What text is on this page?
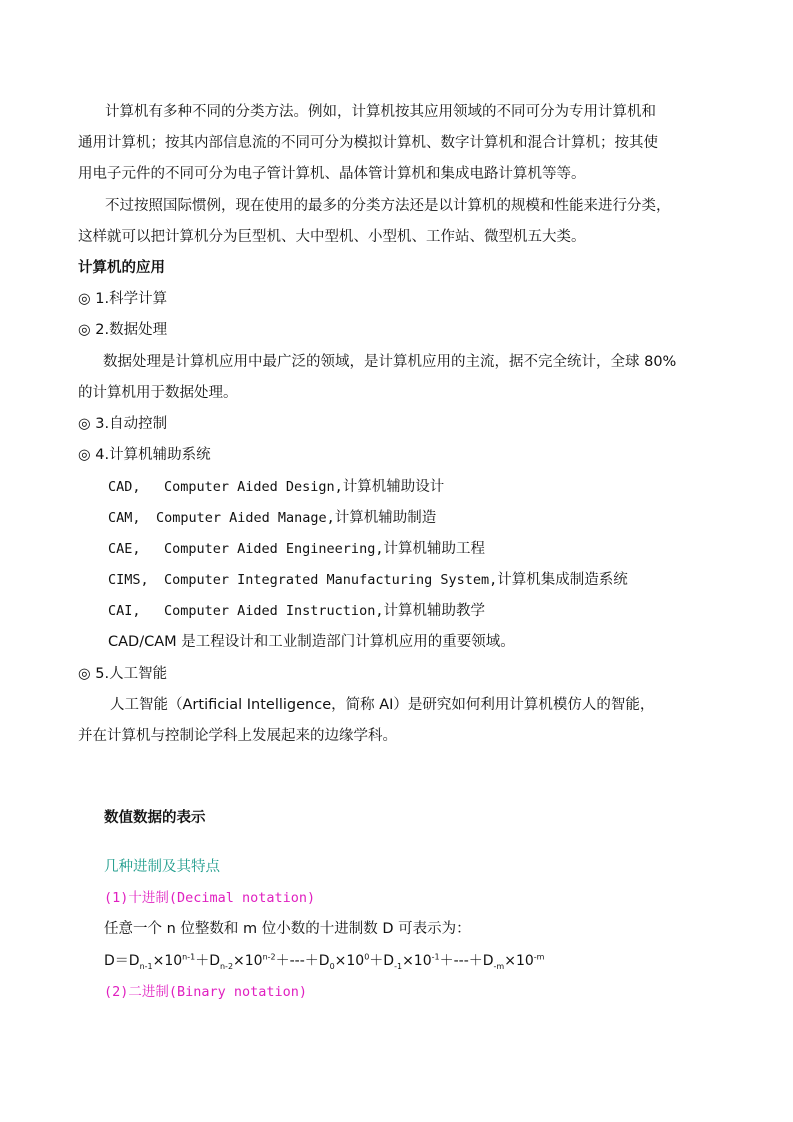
计算机有多种不同的分类方法。例如，计算机按其应用领域的不同可分为专用计算机和
通用计算机；按其内部信息流的不同可分为模拟计算机、数字计算机和混合计算机；按其使
用电子元件的不同可分为电子管计算机、晶体管计算机和集成电路计算机等等。
不过按照国际惯例，现在使用的最多的分类方法还是以计算机的规模和性能来进行分类，
这样就可以把计算机分为巨型机、大中型机、小型机、工作站、微型机五大类。
计算机的应用
◎ 1.科学计算
◎ 2.数据处理
数据处理是计算机应用中最广泛的领域，是计算机应用的主流，据不完全统计，全球 80%
的计算机用于数据处理。
◎ 3.自动控制
◎ 4.计算机辅助系统
CAD, Computer Aided Design,计算机辅助设计
CAM, Computer Aided Manage,计算机辅助制造
CAE, Computer Aided Engineering,计算机辅助工程
CIMS, Computer Integrated Manufacturing System,计算机集成制造系统
CAI, Computer Aided Instruction,计算机辅助教学
CAD/CAM 是工程设计和工业制造部门计算机应用的重要领域。
◎ 5.人工智能
人工智能（Artificial Intelligence，简称 AI）是研究如何利用计算机模仿人的智能，
并在计算机与控制论学科上发展起来的边缘学科。
数值数据的表示
几种进制及其特点
(1)十进制(Decimal notation)
任意一个 n 位整数和 m 位小数的十进制数 D 可表示为：
$D=D_{n-1}\times 10^{n-1}+D_{n-2}\times 10^{n-2}+---+D_0\times 10^0+D_{-1}\times 10^{-1}+---+D_{-m}\times 10^{-m}$
(2)二进制(Binary notation)
